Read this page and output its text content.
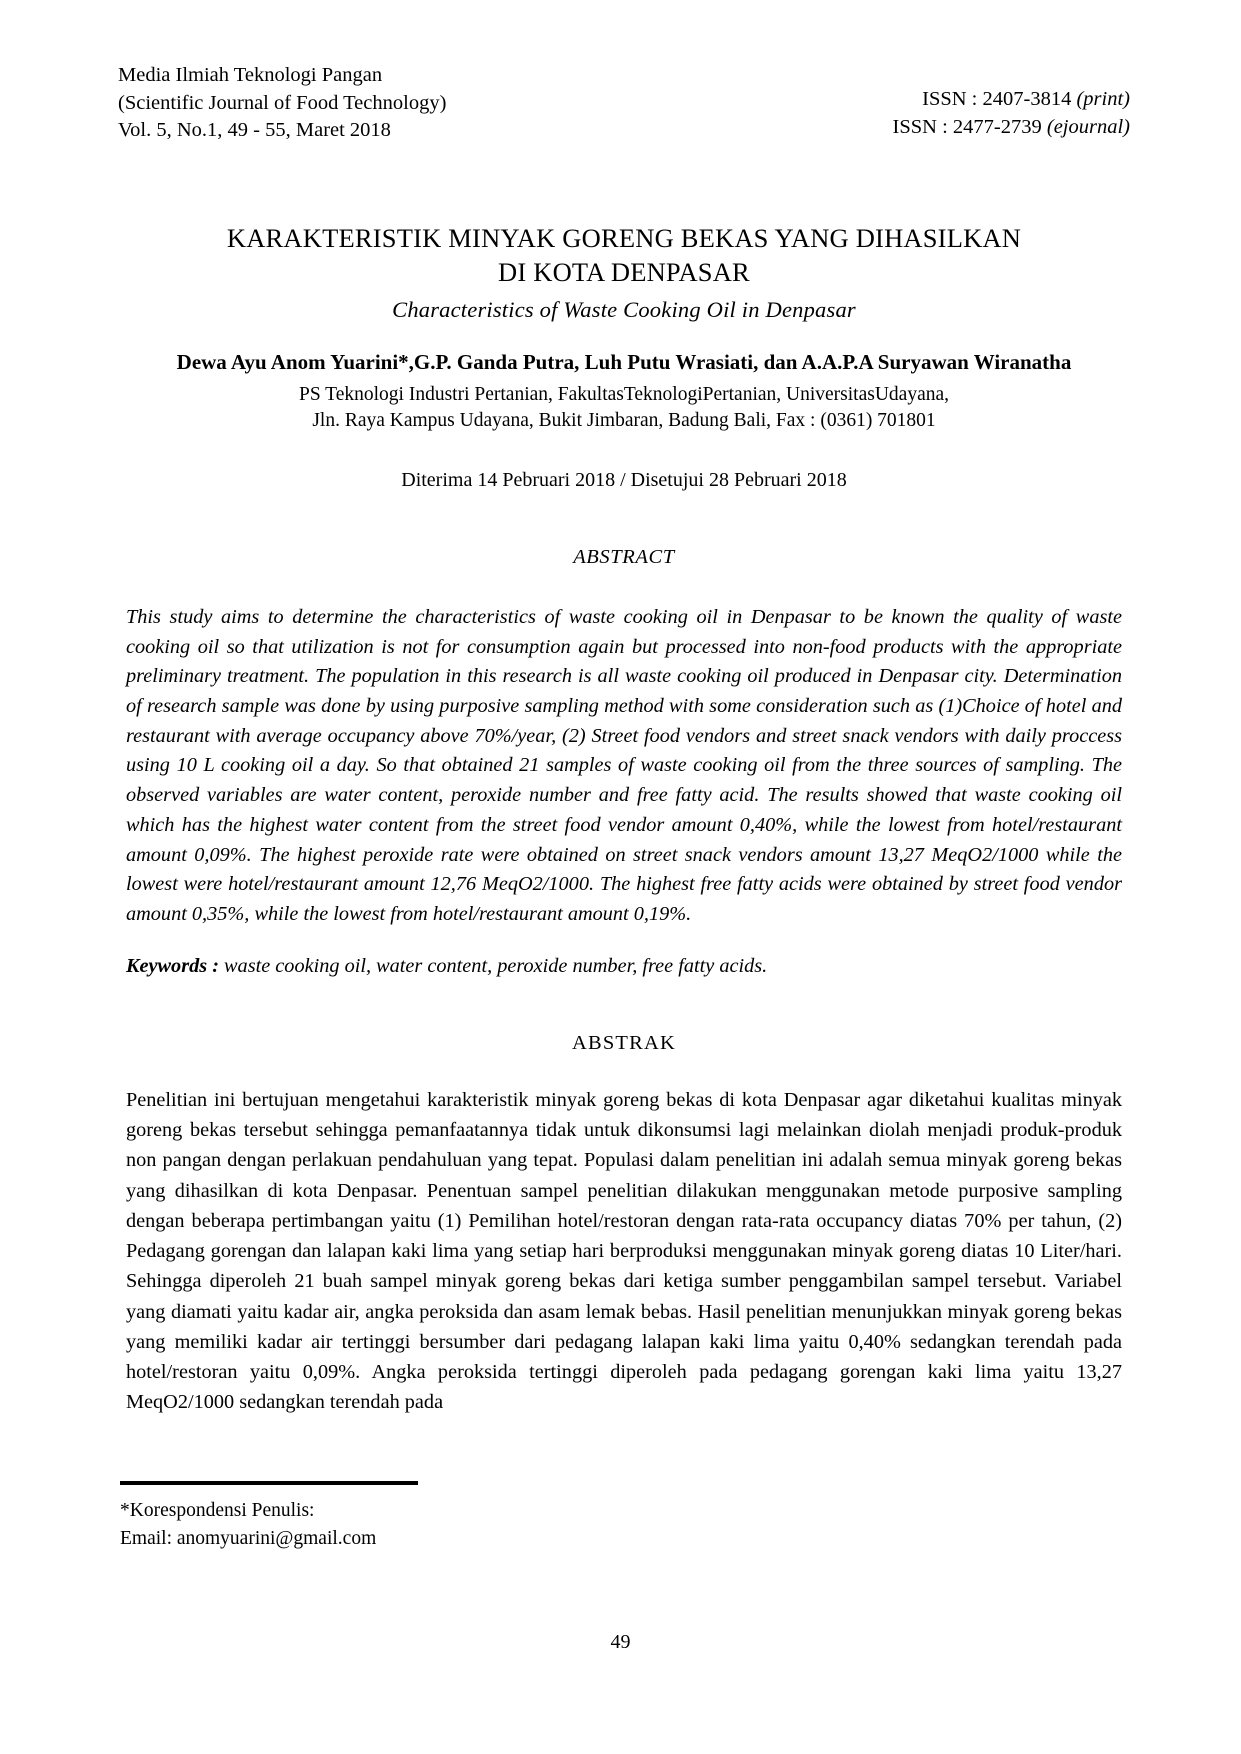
Media Ilmiah Teknologi Pangan
(Scientific Journal of Food Technology)
Vol. 5, No.1, 49 - 55, Maret 2018
ISSN : 2407-3814 (print)
ISSN : 2477-2739 (ejournal)
KARAKTERISTIK MINYAK GORENG BEKAS YANG DIHASILKAN
DI KOTA DENPASAR
Characteristics of Waste Cooking Oil in Denpasar
Dewa Ayu Anom Yuarini*,G.P. Ganda Putra, Luh Putu Wrasiati, dan A.A.P.A Suryawan Wiranatha
PS Teknologi Industri Pertanian, FakultasTeknologiPertanian, UniversitasUdayana,
Jln. Raya Kampus Udayana, Bukit Jimbaran, Badung Bali, Fax : (0361) 701801
Diterima 14 Pebruari 2018 / Disetujui 28 Pebruari 2018
ABSTRACT
This study aims to determine the characteristics of waste cooking oil in Denpasar to be known the quality of waste cooking oil so that utilization is not for consumption again but processed into non-food products with the appropriate preliminary treatment. The population in this research is all waste cooking oil produced in Denpasar city. Determination of research sample was done by using purposive sampling method with some consideration such as (1)Choice of hotel and restaurant with average occupancy above 70%/year, (2) Street food vendors and street snack vendors with daily proccess using 10 L cooking oil a day. So that obtained 21 samples of waste cooking oil from the three sources of sampling. The observed variables are water content, peroxide number and free fatty acid. The results showed that waste cooking oil which has the highest water content from the street food vendor amount 0,40%, while the lowest from hotel/restaurant amount 0,09%. The highest peroxide rate were obtained on street snack vendors amount 13,27 MeqO2/1000 while the lowest were hotel/restaurant amount 12,76 MeqO2/1000. The highest free fatty acids were obtained by street food vendor amount 0,35%, while the lowest from hotel/restaurant amount 0,19%.
Keywords : waste cooking oil, water content, peroxide number, free fatty acids.
ABSTRAK
Penelitian ini bertujuan mengetahui karakteristik minyak goreng bekas di kota Denpasar agar diketahui kualitas minyak goreng bekas tersebut sehingga pemanfaatannya tidak untuk dikonsumsi lagi melainkan diolah menjadi produk-produk non pangan dengan perlakuan pendahuluan yang tepat. Populasi dalam penelitian ini adalah semua minyak goreng bekas yang dihasilkan di kota Denpasar. Penentuan sampel penelitian dilakukan menggunakan metode purposive sampling dengan beberapa pertimbangan yaitu (1) Pemilihan hotel/restoran dengan rata-rata occupancy diatas 70% per tahun, (2) Pedagang gorengan dan lalapan kaki lima yang setiap hari berproduksi menggunakan minyak goreng diatas 10 Liter/hari. Sehingga diperoleh 21 buah sampel minyak goreng bekas dari ketiga sumber penggambilan sampel tersebut. Variabel yang diamati yaitu kadar air, angka peroksida dan asam lemak bebas. Hasil penelitian menunjukkan minyak goreng bekas yang memiliki kadar air tertinggi bersumber dari pedagang lalapan kaki lima yaitu 0,40% sedangkan terendah pada hotel/restoran yaitu 0,09%. Angka peroksida tertinggi diperoleh pada pedagang gorengan kaki lima yaitu 13,27 MeqO2/1000 sedangkan terendah pada
*Korespondensi Penulis:
Email: anomyuarini@gmail.com
49
